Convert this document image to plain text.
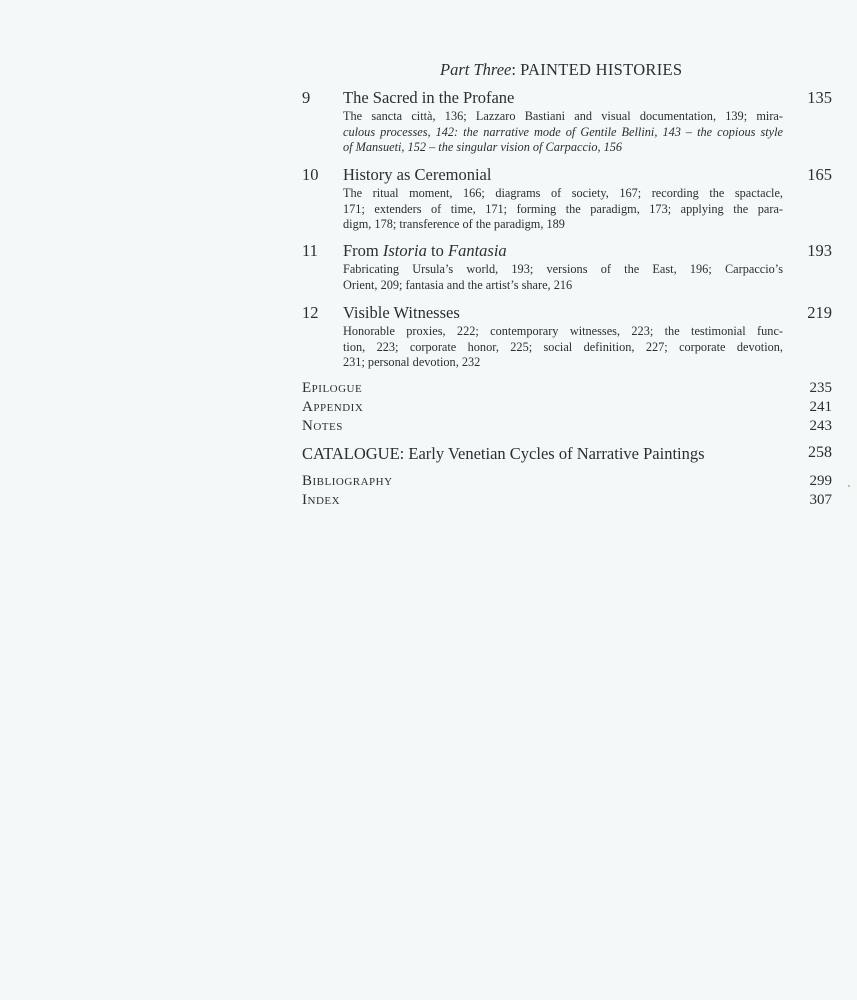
Part Three: PAINTED HISTORIES
9 The Sacred in the Profane	135
The sancta città, 136; Lazzaro Bastiani and visual documentation, 139; mira-
culous processes, 142: the narrative mode of Gentile Bellini, 143 – the copious style
of Mansueti, 152 – the singular vision of Carpaccio, 156
10 History as Ceremonial	165
The ritual moment, 166; diagrams of society, 167; recording the spactacle,
171; extenders of time, 171; forming the paradigm, 173; applying the para-
digm, 178; transference of the paradigm, 189
11 From Istoria to Fantasia	193
Fabricating Ursula’s world, 193; versions of the East, 196; Carpaccio’s
Orient, 209; fantasia and the artist’s share, 216
12 Visible Witnesses	219
Honorable proxies, 222; contemporary witnesses, 223; the testimonial func-
tion, 223; corporate honor, 225; social definition, 227; corporate devotion,
231; personal devotion, 232
Epilogue	235
Appendix	241
Notes	243
CATALOGUE: Early Venetian Cycles of Narrative Paintings	258
Bibliography	299
Index	307
